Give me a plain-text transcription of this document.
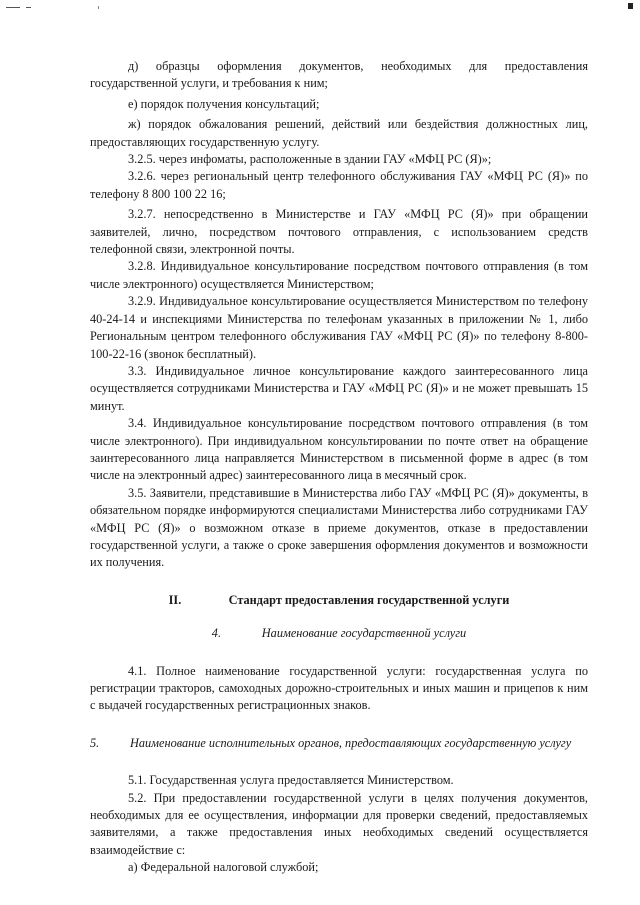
д) образцы оформления документов, необходимых для предоставления государственной услуги, и требования к ним;

е) порядок получения консультаций;

ж) порядок обжалования решений, действий или бездействия должностных лиц, предоставляющих государственную услугу.

3.2.5. через инфоматы, расположенные в здании ГАУ «МФЦ РС (Я)»;

3.2.6. через региональный центр телефонного обслуживания ГАУ «МФЦ РС (Я)» по телефону 8 800 100 22 16;

3.2.7. непосредственно в Министерстве и ГАУ «МФЦ РС (Я)» при обращении заявителей, лично, посредством почтового отправления, с использованием средств телефонной связи, электронной почты.

3.2.8. Индивидуальное консультирование посредством почтового отправления (в том числе электронного) осуществляется Министерством;

3.2.9. Индивидуальное консультирование осуществляется Министерством по телефону 40-24-14 и инспекциями Министерства по телефонам указанных в приложении № 1, либо Региональным центром телефонного обслуживания ГАУ «МФЦ РС (Я)» по телефону 8-800-100-22-16 (звонок бесплатный).

3.3. Индивидуальное личное консультирование каждого заинтересованного лица осуществляется сотрудниками Министерства и ГАУ «МФЦ РС (Я)» и не может превышать 15 минут.

3.4. Индивидуальное консультирование посредством почтового отправления (в том числе электронного). При индивидуальном консультировании по почте ответ на обращение заинтересованного лица направляется Министерством в письменной форме в адрес (в том числе на электронный адрес) заинтересованного лица в месячный срок.

3.5. Заявители, представившие в Министерства либо ГАУ «МФЦ РС (Я)» документы, в обязательном порядке информируются специалистами Министерства либо сотрудниками ГАУ «МФЦ РС (Я)» о возможном отказе в приеме документов, отказе в предоставлении государственной услуги, а также о сроке завершения оформления документов и возможности их получения.

II.	Стандарт предоставления государственной услуги
4.	Наименование государственной услуги

4.1. Полное наименование государственной услуги: государственная услуга по регистрации тракторов, самоходных дорожно-строительных и иных машин и прицепов к ним с выдачей государственных регистрационных знаков.

5.	Наименование исполнительных органов, предоставляющих государственную услугу

5.1. Государственная услуга предоставляется Министерством.

5.2. При предоставлении государственной услуги в целях получения документов, необходимых для ее осуществления, информации для проверки сведений, предоставляемых заявителями, а также предоставления иных необходимых сведений осуществляется взаимодействие с:

а) Федеральной налоговой службой;
